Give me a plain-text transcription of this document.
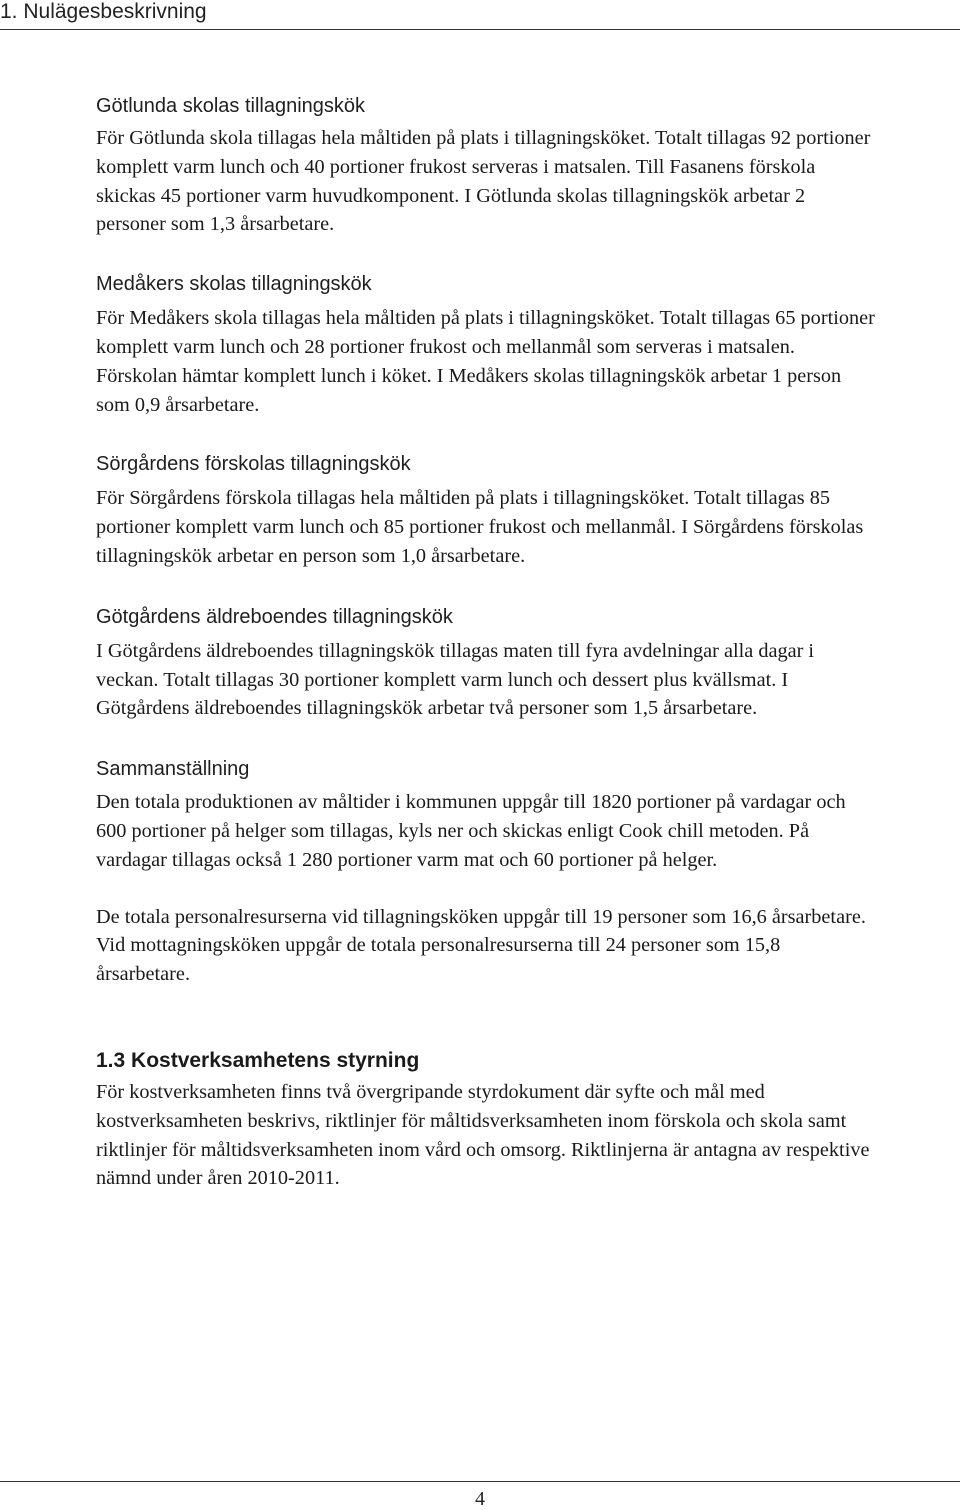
1. Nulägesbeskrivning
Götlunda skolas tillagningskök

För Götlunda skola tillagas hela måltiden på plats i tillagningsköket. Totalt tillagas 92 portioner komplett varm lunch och 40 portioner frukost serveras i matsalen. Till Fasanens förskola skickas 45 portioner varm huvudkomponent. I Götlunda skolas tillagningskök arbetar 2 personer som 1,3 årsarbetare.

Medåkers skolas tillagningskök

För Medåkers skola tillagas hela måltiden på plats i tillagningsköket. Totalt tillagas 65 portioner komplett varm lunch och 28 portioner frukost och mellanmål som serveras i matsalen. Förskolan hämtar komplett lunch i köket. I Medåkers skolas tillagningskök arbetar 1 person som 0,9 årsarbetare.

Sörgårdens förskolas tillagningskök

För Sörgårdens förskola tillagas hela måltiden på plats i tillagningsköket. Totalt tillagas 85 portioner komplett varm lunch och 85 portioner frukost och mellanmål. I Sörgårdens förskolas tillagningskök arbetar en person som 1,0 årsarbetare.

Götgårdens äldreboendes tillagningskök

I Götgårdens äldreboendes tillagningskök tillagas maten till fyra avdelningar alla dagar i veckan. Totalt tillagas 30 portioner komplett varm lunch och dessert plus kvällsmat. I Götgårdens äldreboendes tillagningskök arbetar två personer som 1,5 årsarbetare.

Sammanställning

Den totala produktionen av måltider i kommunen uppgår till 1820 portioner på vardagar och 600 portioner på helger som tillagas, kyls ner och skickas enligt Cook chill metoden. På vardagar tillagas också 1 280 portioner varm mat och 60 portioner på helger.

De totala personalresurserna vid tillagningsköken uppgår till 19 personer som 16,6 årsarbetare. Vid mottagningsköken uppgår de totala personalresurserna till 24 personer som 15,8 årsarbetare.

1.3 Kostverksamhetens styrning

För kostverksamheten finns två övergripande styrdokument där syfte och mål med kostverksamheten beskrivs, riktlinjer för måltidsverksamheten inom förskola och skola samt riktlinjer för måltidsverksamheten inom vård och omsorg. Riktlinjerna är antagna av respektive nämnd under åren 2010-2011.

4
